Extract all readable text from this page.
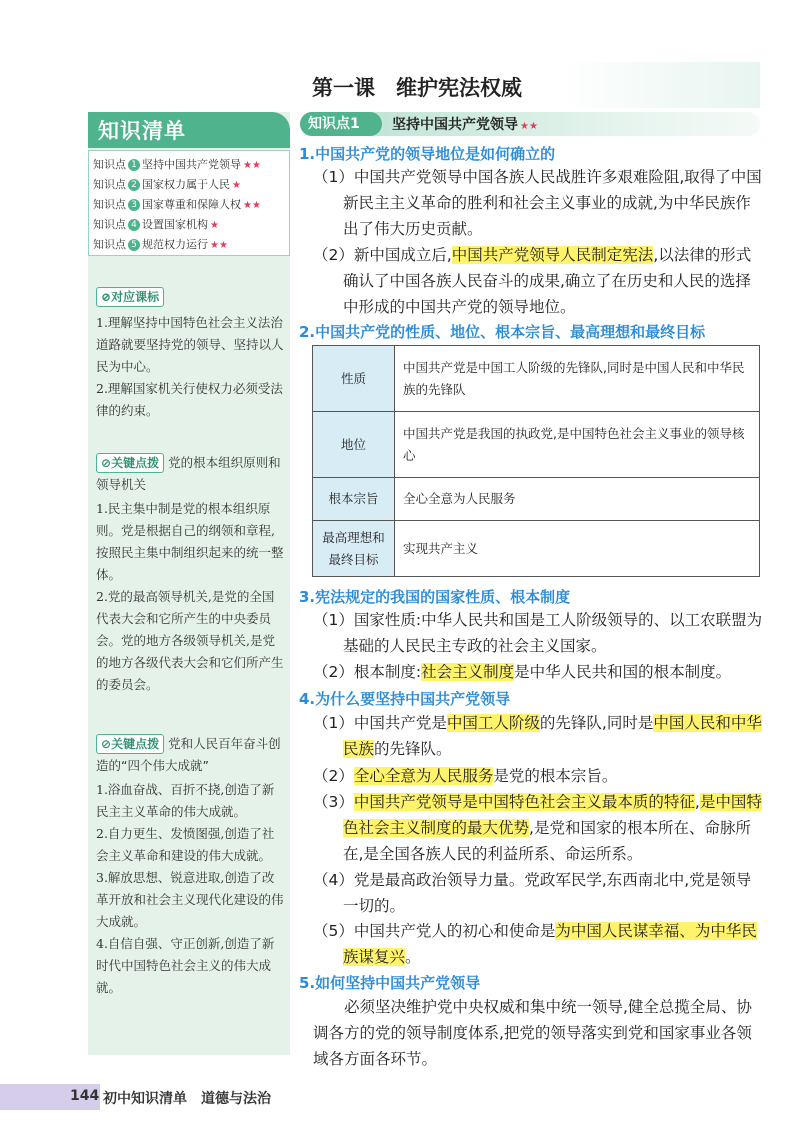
第一课　维护宪法权威
知识清单
知识点 1 坚持中国共产党领导 ★★
知识点 2 国家权力属于人民 ★
知识点 3 国家尊重和保障人权 ★★
知识点 4 设置国家机构 ★
知识点 5 规范权力运行 ★★
⊘对应课标
1.理解坚持中国特色社会主义法治道路就要坚持党的领导、坚持以人民为中心。
2.理解国家机关行使权力必须受法律的约束。
⊘关键点拨 党的根本组织原则和领导机关
1.民主集中制是党的根本组织原则。党是根据自己的纲领和章程,按照民主集中制组织起来的统一整体。
2.党的最高领导机关,是党的全国代表大会和它所产生的中央委员会。党的地方各级领导机关,是党的地方各级代表大会和它们所产生的委员会。
⊘关键点拨 党和人民百年奋斗创造的“四个伟大成就”
1.浴血奋战、百折不挠,创造了新民主主义革命的伟大成就。
2.自力更生、发愤图强,创造了社会主义革命和建设的伟大成就。
3.解放思想、锐意进取,创造了改革开放和社会主义现代化建设的伟大成就。
4.自信自强、守正创新,创造了新时代中国特色社会主义的伟大成就。
知识点1	坚持中国共产党领导 ★★
1.中国共产党的领导地位是如何确立的
（1）中国共产党领导中国各族人民战胜许多艰难险阻,取得了中国新民主主义革命的胜利和社会主义事业的成就,为中华民族作出了伟大历史贡献。
（2）新中国成立后,中国共产党领导人民制定宪法,以法律的形式确认了中国各族人民奋斗的成果,确立了在历史和人民的选择中形成的中国共产党的领导地位。
2.中国共产党的性质、地位、根本宗旨、最高理想和最终目标
性质	中国共产党是中国工人阶级的先锋队,同时是中国人民和中华民族的先锋队
地位	中国共产党是我国的执政党,是中国特色社会主义事业的领导核心
根本宗旨	全心全意为人民服务
最高理想和最终目标	实现共产主义
3.宪法规定的我国的国家性质、根本制度
（1）国家性质:中华人民共和国是工人阶级领导的、以工农联盟为基础的人民民主专政的社会主义国家。
（2）根本制度:社会主义制度是中华人民共和国的根本制度。
4.为什么要坚持中国共产党领导
（1）中国共产党是中国工人阶级的先锋队,同时是中国人民和中华民族的先锋队。
（2）全心全意为人民服务是党的根本宗旨。
（3）中国共产党领导是中国特色社会主义最本质的特征,是中国特色社会主义制度的最大优势,是党和国家的根本所在、命脉所在,是全国各族人民的利益所系、命运所系。
（4）党是最高政治领导力量。党政军民学,东西南北中,党是领导一切的。
（5）中国共产党人的初心和使命是为中国人民谋幸福、为中华民族谋复兴。
5.如何坚持中国共产党领导
必须坚决维护党中央权威和集中统一领导,健全总揽全局、协调各方的党的领导制度体系,把党的领导落实到党和国家事业各领域各方面各环节。
144 初中知识清单　道德与法治
